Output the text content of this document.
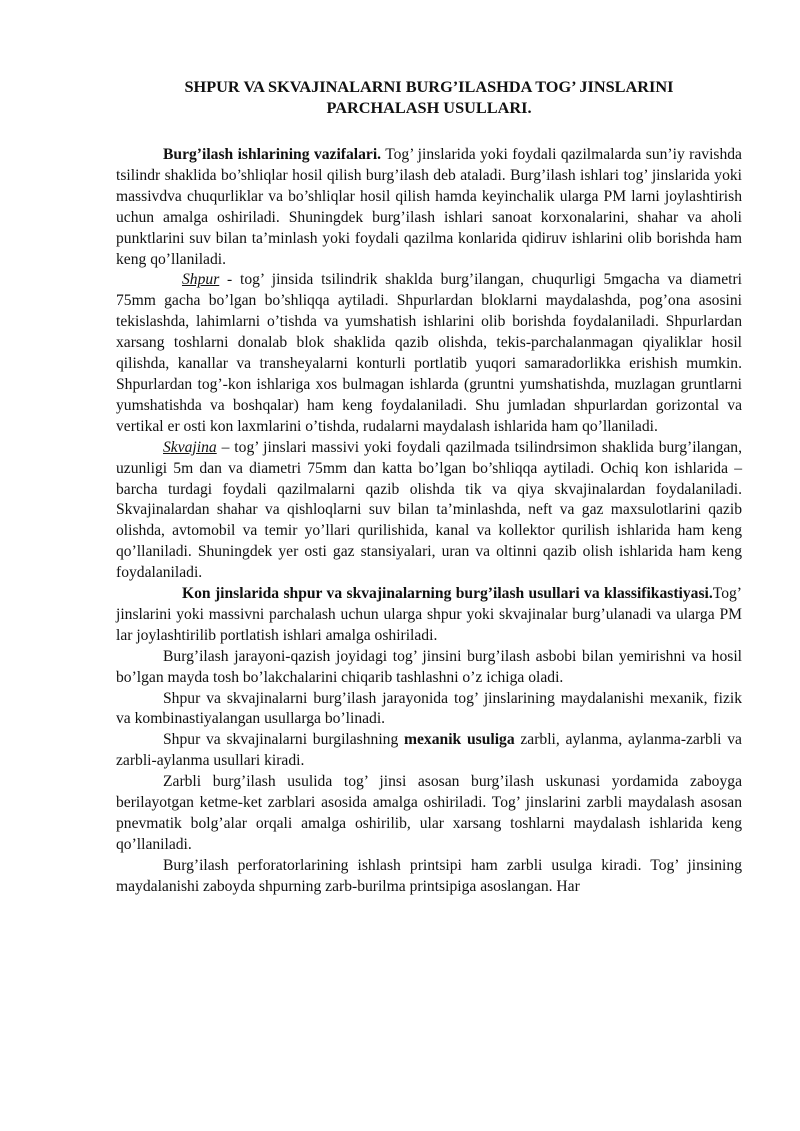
SHPUR VA SKVAJINALARNI BURG’ILASHDA TOG’ JINSLARINI
PARCHALASH USULLARI.

Burg’ilash ishlarining vazifalari. Tog’ jinslarida yoki foydali qazilmalarda sun’iy ravishda tsilindr shaklida bo’shliqlar hosil qilish burg’ilash deb ataladi. Burg’ilash ishlari tog’ jinslarida yoki massivdva chuqurliklar va bo’shliqlar hosil qilish hamda keyinchalik ularga PM larni joylashtirish uchun amalga oshiriladi. Shuningdek burg’ilash ishlari sanoat korxonalarini, shahar va aholi punktlarini suv bilan ta’minlash yoki foydali qazilma konlarida qidiruv ishlarini olib borishda ham keng qo’llaniladi.

Shpur - tog’ jinsida tsilindrik shaklda burg’ilangan, chuqurligi 5mgacha va diametri 75mm gacha bo’lgan bo’shliqqa aytiladi. Shpurlardan bloklarni maydalashda, pog’ona asosini tekislashda, lahimlarni o’tishda va yumshatish ishlarini olib borishda foydalaniladi. Shpurlardan xarsang toshlarni donalab blok shaklida qazib olishda, tekis-parchalanmagan qiyaliklar hosil qilishda, kanallar va transheyalarni konturli portlatib yuqori samaradorlikka erishish mumkin. Shpurlardan tog’-kon ishlariga xos bulmagan ishlarda (gruntni yumshatishda, muzlagan gruntlarni yumshatishda va boshqalar) ham keng foydalaniladi. Shu jumladan shpurlardan gorizontal va vertikal er osti kon laxmlarini o’tishda, rudalarni maydalash ishlarida ham qo’llaniladi.

Skvajina – tog’ jinslari massivi yoki foydali qazilmada tsilindrsimon shaklida burg’ilangan, uzunligi 5m dan va diametri 75mm dan katta bo’lgan bo’shliqqa aytiladi. Ochiq kon ishlarida – barcha turdagi foydali qazilmalarni qazib olishda tik va qiya skvajinalardan foydalaniladi. Skvajinalardan shahar va qishloqlarni suv bilan ta’minlashda, neft va gaz maxsulotlarini qazib olishda, avtomobil va temir yo’llari qurilishida, kanal va kollektor qurilish ishlarida ham keng qo’llaniladi. Shuningdek yer osti gaz stansiyalari, uran va oltinni qazib olish ishlarida ham keng foydalaniladi.

Kon jinslarida shpur va skvajinalarning burg’ilash usullari va klassifikastiyasi.Tog’ jinslarini yoki massivni parchalash uchun ularga shpur yoki skvajinalar burg’ulanadi va ularga PM lar joylashtirilib portlatish ishlari amalga oshiriladi.

Burg’ilash jarayoni-qazish joyidagi tog’ jinsini burg’ilash asbobi bilan yemirishni va hosil bo’lgan mayda tosh bo’lakchalarini chiqarib tashlashni o’z ichiga oladi.

Shpur va skvajinalarni burg’ilash jarayonida tog’ jinslarining maydalanishi mexanik, fizik va kombinastiyalangan usullarga bo’linadi.

Shpur va skvajinalarni burgilashning mexanik usuliga zarbli, aylanma, aylanma-zarbli va zarbli-aylanma usullari kiradi.

Zarbli burg’ilash usulida tog’ jinsi asosan burg’ilash uskunasi yordamida zaboyga berilayotgan ketme-ket zarblari asosida amalga oshiriladi. Tog’ jinslarini zarbli maydalash asosan pnevmatik bolg’alar orqali amalga oshirilib, ular xarsang toshlarni maydalash ishlarida keng qo’llaniladi.

Burg’ilash perforatorlarining ishlash printsipi ham zarbli usulga kiradi. Tog’ jinsining maydalanishi zaboyda shpurning zarb-burilma printsipiga asoslangan. Har
